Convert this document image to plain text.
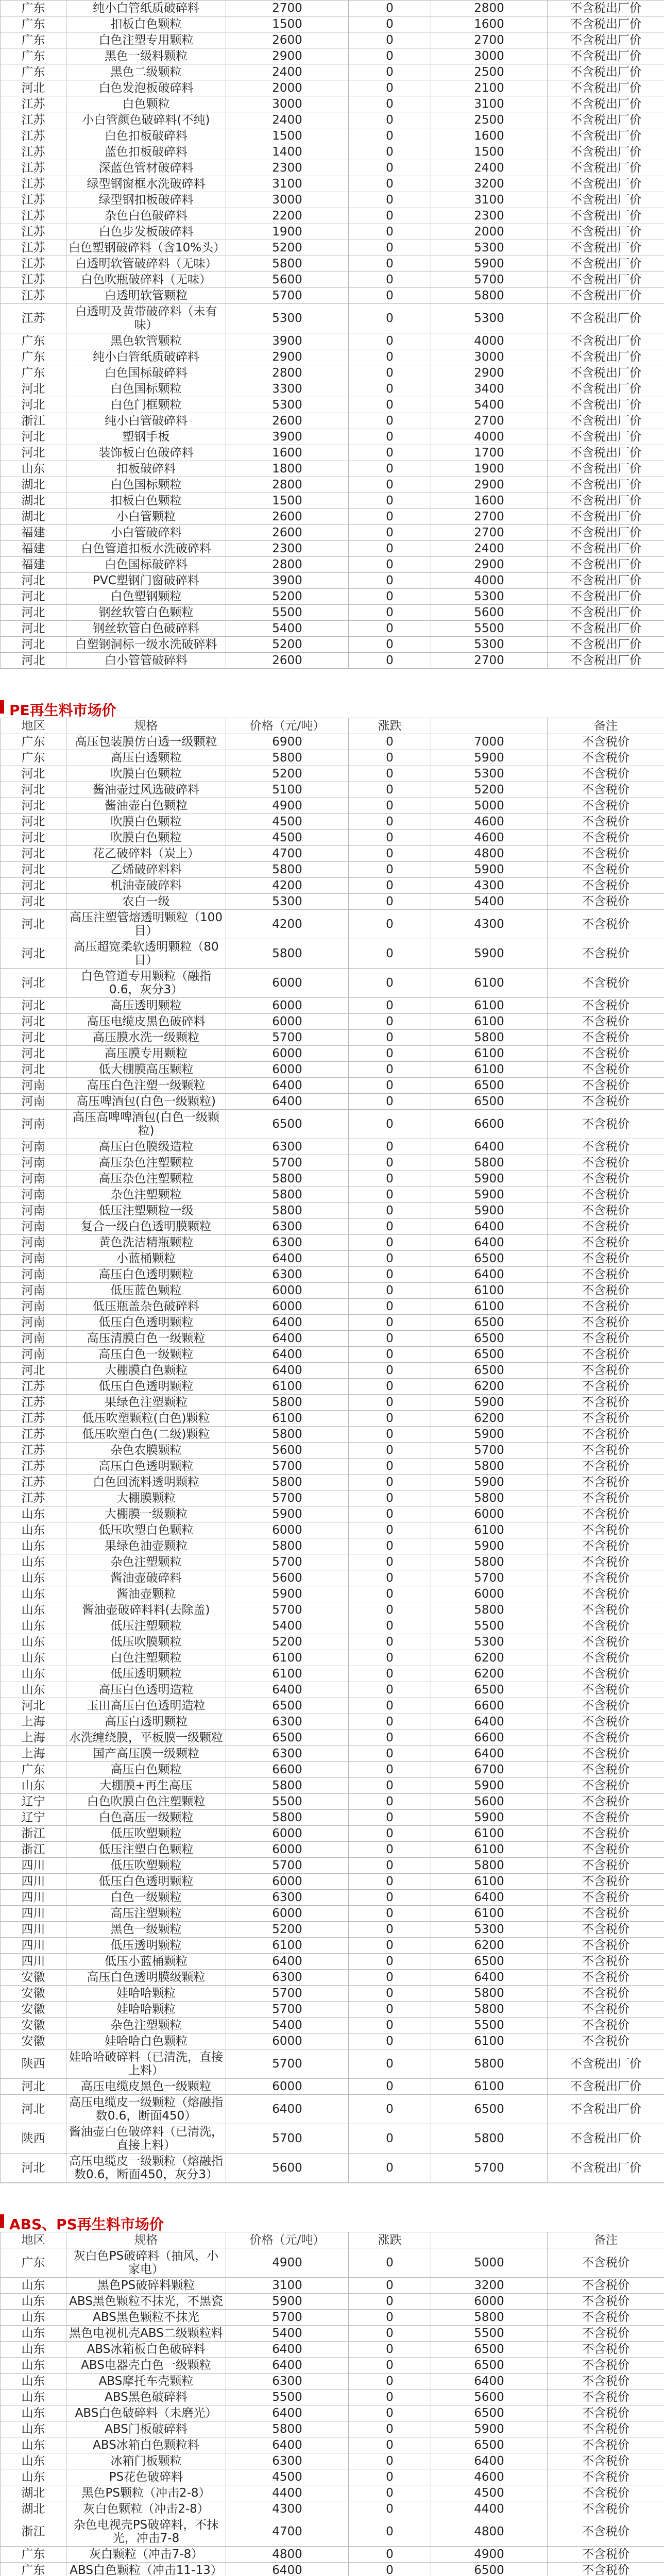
广东	纯小白管纸质破碎料	2700	0	2800	不含税出厂价
广东	扣板白色颗粒	1500	0	1600	不含税出厂价
广东	白色注塑专用颗粒	2600	0	2700	不含税出厂价
广东	黑色一级料颗粒	2900	0	3000	不含税出厂价
广东	黑色二级颗粒	2400	0	2500	不含税出厂价
河北	白色发泡板破碎料	2000	0	2100	不含税出厂价
江苏	白色颗粒	3000	0	3100	不含税出厂价
江苏	小白管颜色破碎料(不纯)	2400	0	2500	不含税出厂价
江苏	白色扣板破碎料	1500	0	1600	不含税出厂价
江苏	蓝色扣板破碎料	1400	0	1500	不含税出厂价
江苏	深蓝色管材破碎料	2300	0	2400	不含税出厂价
江苏	绿型钢窗框水洗破碎料	3100	0	3200	不含税出厂价
江苏	绿型钢扣板破碎料	3000	0	3100	不含税出厂价
江苏	杂色白色破碎料	2200	0	2300	不含税出厂价
江苏	白色步发板破碎料	1900	0	2000	不含税出厂价
江苏	白色塑钢破碎料（含10%头）	5200	0	5300	不含税出厂价
江苏	白透明软管破碎料（无味）	5800	0	5900	不含税出厂价
江苏	白色吹瓶破碎料（无味）	5600	0	5700	不含税出厂价
江苏	白透明软管颗粒	5700	0	5800	不含税出厂价
江苏	白透明及黄带破碎料（未有味）	5300	0	5300	不含税出厂价
广东	黑色软管颗粒	3900	0	4000	不含税出厂价
广东	纯小白管纸质破碎料	2900	0	3000	不含税出厂价
广东	白色国标破碎料	2800	0	2900	不含税出厂价
河北	白色国标颗粒	3300	0	3400	不含税出厂价
河北	白色门框颗粒	5300	0	5400	不含税出厂价
浙江	纯小白管破碎料	2600	0	2700	不含税出厂价
河北	塑钢手板	3900	0	4000	不含税出厂价
河北	装饰板白色破碎料	1600	0	1700	不含税出厂价
山东	扣板破碎料	1800	0	1900	不含税出厂价
湖北	白色国标颗粒	2800	0	2900	不含税出厂价
湖北	扣板白色颗粒	1500	0	1600	不含税出厂价
湖北	小白管颗粒	2600	0	2700	不含税出厂价
福建	小白管破碎料	2600	0	2700	不含税出厂价
福建	白色管道扣板水洗破碎料	2300	0	2400	不含税出厂价
福建	白色国标破碎料	2800	0	2900	不含税出厂价
河北	PVC塑钢门窗破碎料	3900	0	4000	不含税出厂价
河北	白色塑钢颗粒	5200	0	5300	不含税出厂价
河北	钢丝软管白色颗粒	5500	0	5600	不含税出厂价
河北	钢丝软管白色破碎料	5400	0	5500	不含税出厂价
河北	白塑钢洞标一级水洗破碎料	5200	0	5300	不含税出厂价
河北	白小管管破碎料	2600	0	2700	不含税出厂价
PE再生料市场价
地区	规格	价格（元/吨）	涨跌		备注
广东	高压包装膜仿白透一级颗粒	6900	0	7000	不含税价
广东	高压白透颗粒	5800	0	5900	不含税价
河北	吹膜白色颗粒	5200	0	5300	不含税价
河北	酱油壶过风选破碎料	5100	0	5200	不含税价
河北	酱油壶白色颗粒	4900	0	5000	不含税价
河北	吹膜白色颗粒	4500	0	4600	不含税价
河北	吹膜白色颗粒	4500	0	4600	不含税价
河北	花乙破碎料（炭上）	4700	0	4800	不含税价
河北	乙烯破碎料料	5800	0	5900	不含税价
河北	机油壶破碎料	4200	0	4300	不含税价
河北	农白一级	5300	0	5400	不含税价
河北	高压注塑管熔透明颗粒（100目）	4200	0	4300	不含税价
河北	高压超宽柔软透明颗粒（80目）	5800	0	5900	不含税价
河北	白色管道专用颗粒（融指0.6，灰分3）	6000	0	6100	不含税价
河北	高压透明颗粒	6000	0	6100	不含税价
河北	高压电缆皮黑色破碎料	6000	0	6100	不含税价
河北	高压膜水洗一级颗粒	5700	0	5800	不含税价
河北	高压膜专用颗粒	6000	0	6100	不含税价
河北	低大棚膜高压颗粒	6000	0	6100	不含税价
河南	高压白色注塑一级颗粒	6400	0	6500	不含税价
河南	高压啤酒包(白色一级颗粒)	6400	0	6500	不含税价
河南	高压高啤啤酒包(白色一级颗粒)	6500	0	6600	不含税价
河南	高压白色膜级造粒	6300	0	6400	不含税价
河南	高压杂色注塑颗粒	5700	0	5800	不含税价
河南	高压杂色注塑颗粒	5800	0	5900	不含税价
河南	杂色注塑颗粒	5800	0	5900	不含税价
河南	低压注塑颗粒一级	5800	0	5900	不含税价
河南	复合一级白色透明膜颗粒	6300	0	6400	不含税价
河南	黄色洗洁精瓶颗粒	6300	0	6400	不含税价
河南	小蓝桶颗粒	6400	0	6500	不含税价
河南	高压白色透明颗粒	6300	0	6400	不含税价
河南	低压蓝色颗粒	6000	0	6100	不含税价
河南	低压瓶盖杂色破碎料	6000	0	6100	不含税价
河南	低压白色透明颗粒	6400	0	6500	不含税价
河南	高压清膜白色一级颗粒	6400	0	6500	不含税价
河南	高压白色一级颗粒	6400	0	6500	不含税价
河北	大棚膜白色颗粒	6400	0	6500	不含税价
江苏	低压白色透明颗粒	6100	0	6200	不含税价
江苏	果绿色注塑颗粒	5800	0	5900	不含税价
江苏	低压吹塑颗粒(白色)颗粒	6100	0	6200	不含税价
江苏	低压吹塑白色(二级)颗粒	5800	0	5900	不含税价
江苏	杂色农膜颗粒	5600	0	5700	不含税价
江苏	高压白色透明颗粒	5700	0	5800	不含税价
江苏	白色回流料透明颗粒	5800	0	5900	不含税价
江苏	大棚膜颗粒	5700	0	5800	不含税价
山东	大棚膜一级颗粒	5900	0	6000	不含税价
山东	低压吹塑白色颗粒	6000	0	6100	不含税价
山东	果绿色油壶颗粒	5800	0	5900	不含税价
山东	杂色注塑颗粒	5700	0	5800	不含税价
山东	酱油壶破碎料	5600	0	5700	不含税价
山东	酱油壶颗粒	5900	0	6000	不含税价
山东	酱油壶破碎料料(去除盖)	5700	0	5800	不含税价
山东	低压注塑颗粒	5400	0	5500	不含税价
山东	低压吹膜颗粒	5200	0	5300	不含税价
山东	白色注塑颗粒	6100	0	6200	不含税价
山东	低压透明颗粒	6100	0	6200	不含税价
山东	高压白色透明造粒	6400	0	6500	不含税价
河北	玉田高压白色透明造粒	6500	0	6600	不含税价
上海	高压白透明颗粒	6300	0	6400	不含税价
上海	水洗缠绕膜，平板膜一级颗粒	6500	0	6600	不含税价
上海	国产高压膜一级颗粒	6300	0	6400	不含税价
广东	高压白色颗粒	6600	0	6700	不含税价
山东	大棚膜+再生高压	5800	0	5900	不含税价
辽宁	白色吹膜白色注塑颗粒	5500	0	5600	不含税价
辽宁	白色高压一级颗粒	5800	0	5900	不含税价
浙江	低压吹塑颗粒	6000	0	6100	不含税价
浙江	低压注塑白色颗粒	6000	0	6100	不含税价
四川	低压吹塑颗粒	5700	0	5800	不含税价
四川	低压白色透明颗粒	6000	0	6100	不含税价
四川	白色一级颗粒	6300	0	6400	不含税价
四川	高压注塑颗粒	6000	0	6100	不含税价
四川	黑色一级颗粒	5200	0	5300	不含税价
四川	低压透明颗粒	6100	0	6200	不含税价
四川	低压小蓝桶颗粒	6400	0	6500	不含税价
安徽	高压白色透明膜级颗粒	6300	0	6400	不含税价
安徽	娃哈哈颗粒	5700	0	5800	不含税价
安徽	娃哈哈颗粒	5700	0	5800	不含税价
安徽	杂色注塑颗粒	5400	0	5500	不含税价
安徽	娃哈哈白色颗粒	6000	0	6100	不含税价
陕西	娃哈哈破碎料（已清洗，直接上料）	5700	0	5800	不含税出厂价
河北	高压电缆皮黑色一级颗粒	6000	0	6100	不含税出厂价
河北	高压电缆皮一级颗粒（熔融指数0.6，断面450）	6400	0	6500	不含税出厂价
陕西	酱油壶白色破碎料（已清洗，直接上料）	5700	0	5800	不含税出厂价
河北	高压电缆皮一级颗粒（熔融指数0.6，断面450，灰分3）	5600	0	5700	不含税出厂价
ABS、PS再生料市场价
地区	规格	价格（元/吨）	涨跌		备注
广东	灰白色PS破碎料（抽风，小家电）	4900	0	5000	不含税价
山东	黑色PS破碎料颗粒	3100	0	3200	不含税价
山东	ABS黑色颗粒不抹光，不黑瓷	5900	0	6000	不含税价
山东	ABS黑色颗粒不抹光	5700	0	5800	不含税价
山东	黑色电视机壳ABS二级颗粒料	5400	0	5500	不含税价
山东	ABS冰箱板白色破碎料	6400	0	6500	不含税价
山东	ABS电器壳白色一级颗粒	6400	0	6500	不含税价
山东	ABS摩托车壳颗粒	6300	0	6400	不含税价
山东	ABS黑色破碎料	5500	0	5600	不含税价
山东	ABS白色破碎料（未磨光）	6400	0	6500	不含税价
山东	ABS门板破碎料	5800	0	5900	不含税价
山东	ABS冰箱白色颗粒料	6400	0	6500	不含税价
山东	冰箱门板颗粒	6300	0	6400	不含税价
山东	PS花色破碎料	4500	0	4600	不含税价
湖北	黑色PS颗粒（冲击2-8）	4400	0	4500	不含税价
湖北	灰白色颗粒（冲击2-8）	4300	0	4400	不含税价
浙江	杂色电视壳PS破碎料，不抹光，冲击7-8	4700	0	4800	不含税价
广东	灰白颗粒（冲击7-8）	4800	0	4900	不含税价
广东	ABS白色颗粒（冲击11-13）	6400	0	6500	不含税价
